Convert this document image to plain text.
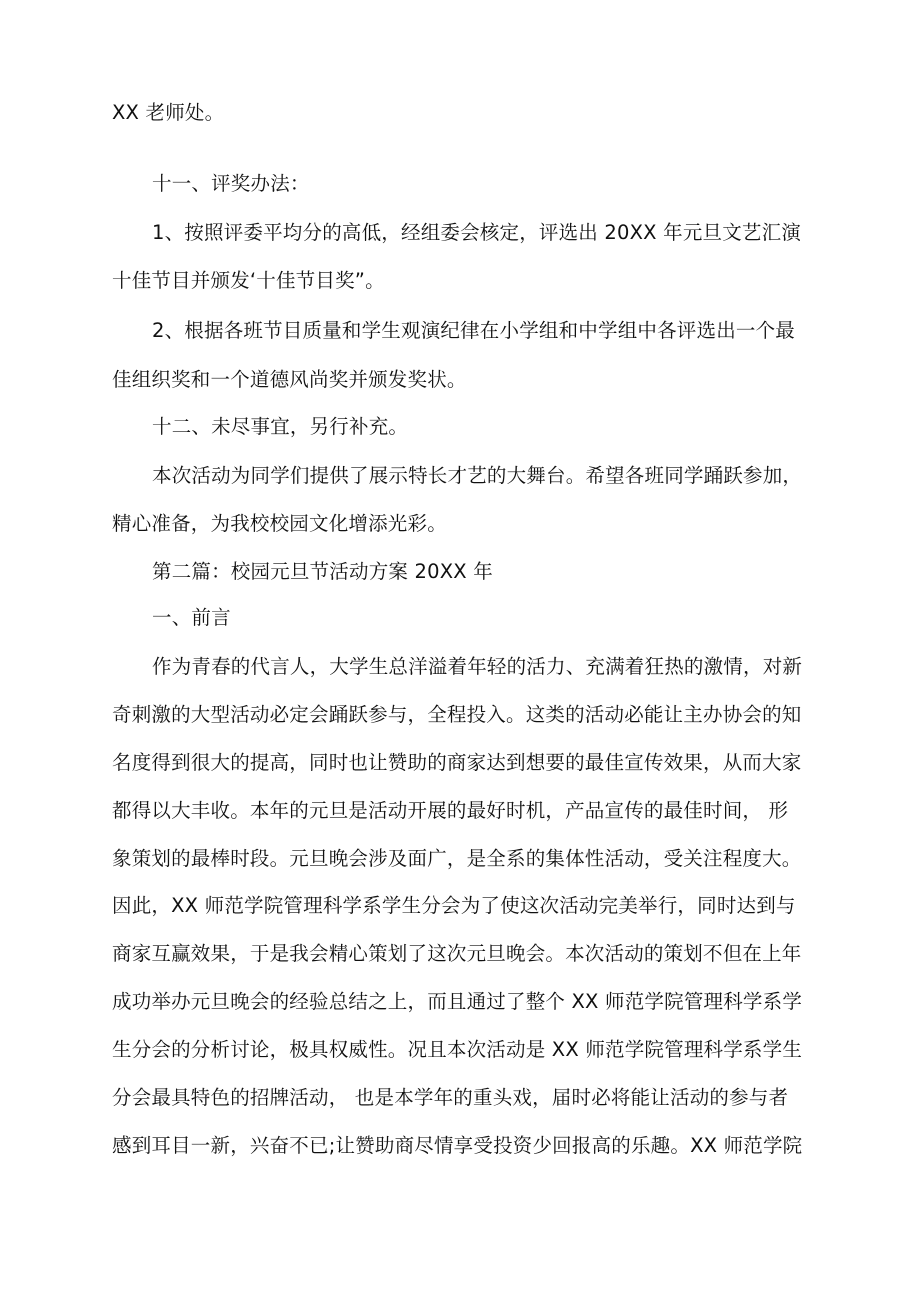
XX 老师处。
十一、评奖办法：
1、按照评委平均分的高低，经组委会核定，评选出 20XX 年元旦文艺汇演
十佳节目并颁发‘十佳节目奖”。
2、根据各班节目质量和学生观演纪律在小学组和中学组中各评选出一个最
佳组织奖和一个道德风尚奖并颁发奖状。
十二、未尽事宜，另行补充。
本次活动为同学们提供了展示特长才艺的大舞台。希望各班同学踊跃参加，
精心准备，为我校校园文化增添光彩。
第二篇：校园元旦节活动方案 20XX 年
一、前言
作为青春的代言人，大学生总洋溢着年轻的活力、充满着狂热的激情，对新
奇刺激的大型活动必定会踊跃参与，全程投入。这类的活动必能让主办协会的知
名度得到很大的提高，同时也让赞助的商家达到想要的最佳宣传效果，从而大家
都得以大丰收。本年的元旦是活动开展的最好时机，产品宣传的最佳时间， 形
象策划的最棒时段。元旦晚会涉及面广，是全系的集体性活动，受关注程度大。
因此，XX 师范学院管理科学系学生分会为了使这次活动完美举行，同时达到与
商家互赢效果，于是我会精心策划了这次元旦晚会。本次活动的策划不但在上年
成功举办元旦晚会的经验总结之上，而且通过了整个 XX 师范学院管理科学系学
生分会的分析讨论，极具权威性。况且本次活动是 XX 师范学院管理科学系学生
分会最具特色的招牌活动， 也是本学年的重头戏，届时必将能让活动的参与者
感到耳目一新，兴奋不已;让赞助商尽情享受投资少回报高的乐趣。XX 师范学院
